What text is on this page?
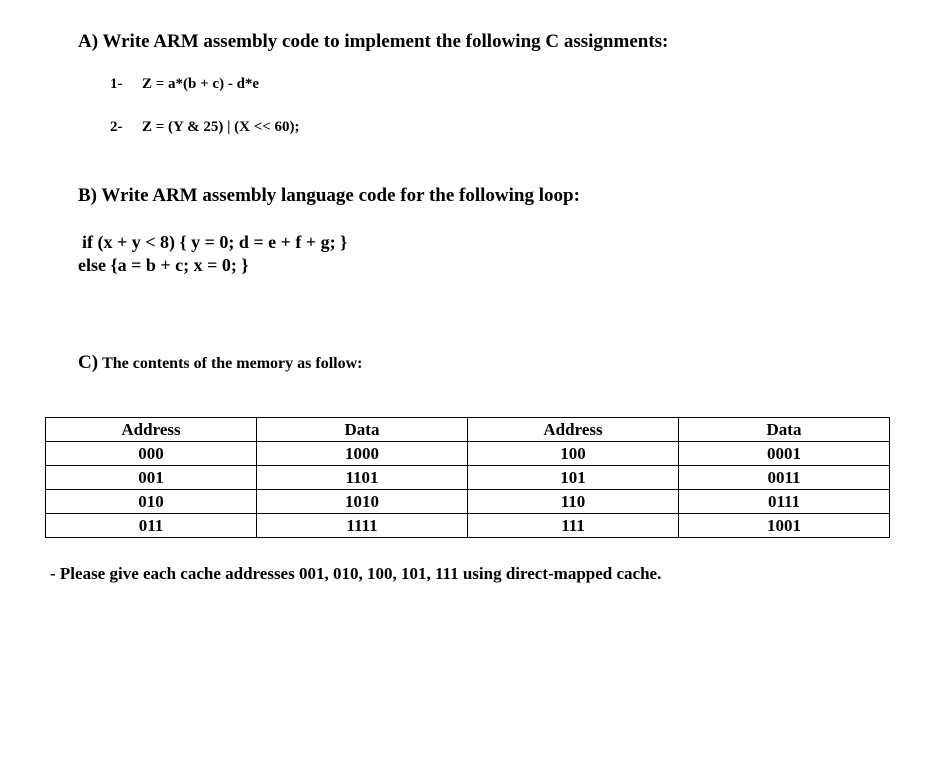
A) Write ARM assembly code to implement the following C assignments:
1- Z = a*(b + c) - d*e
2- Z = (Y & 25) | (X << 60);
B) Write ARM assembly language code for the following loop:
if (x + y < 8) { y = 0; d = e + f + g; }
else {a = b + c; x = 0; }
C) The contents of the memory as follow:
Address	Data	Address	Data
000	1000	100	0001
001	1101	101	0011
010	1010	110	0111
011	1111	111	1001
- Please give each cache addresses 001, 010, 100, 101, 111 using direct-mapped cache.
